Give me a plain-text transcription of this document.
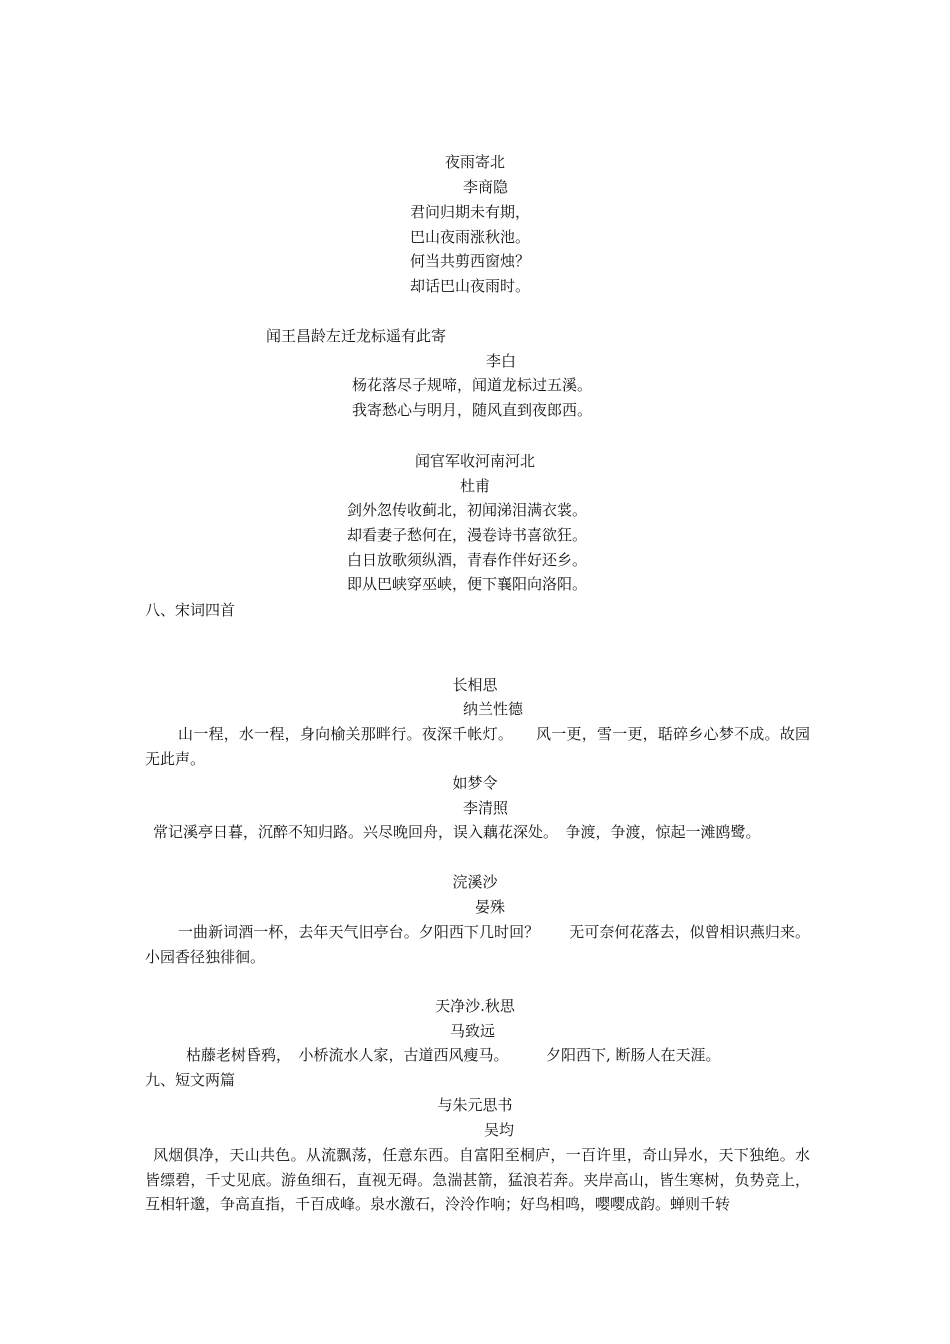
夜雨寄北
李商隐
君问归期未有期，
巴山夜雨涨秋池。
何当共剪西窗烛？
却话巴山夜雨时。
闻王昌龄左迁龙标遥有此寄
李白
杨花落尽子规啼，闻道龙标过五溪。
我寄愁心与明月，随风直到夜郎西。
闻官军收河南河北
杜甫
剑外忽传收蓟北，初闻涕泪满衣裳。
却看妻子愁何在，漫卷诗书喜欲狂。
白日放歌须纵酒，青春作伴好还乡。
即从巴峡穿巫峡，便下襄阳向洛阳。
八、宋词四首
长相思
纳兰性德
山一程，水一程，身向榆关那畔行。夜深千帐灯。　　风一更，雪一更，聒碎乡心梦不成。故园无此声。
如梦令
李清照
常记溪亭日暮，沉醉不知归路。兴尽晚回舟，误入藕花深处。　争渡，争渡，惊起一滩鸥鹭。
浣溪沙
晏殊
一曲新词酒一杯，去年天气旧亭台。夕阳西下几时回？　　无可奈何花落去，似曾相识燕归来。小园香径独徘徊。
天净沙.秋思
马致远
枯藤老树昏鸦，　小桥流水人家，古道西风瘦马。　　　夕阳西下, 断肠人在天涯。
九、短文两篇
与朱元思书
吴均
风烟俱净，天山共色。从流飘荡，任意东西。自富阳至桐庐，一百许里，奇山异水，天下独绝。水皆缥碧，千丈见底。游鱼细石，直视无碍。急湍甚箭，猛浪若奔。夹岸高山，皆生寒树，负势竞上，互相轩邈，争高直指，千百成峰。泉水激石，泠泠作响；好鸟相鸣，嘤嘤成韵。蝉则千转
